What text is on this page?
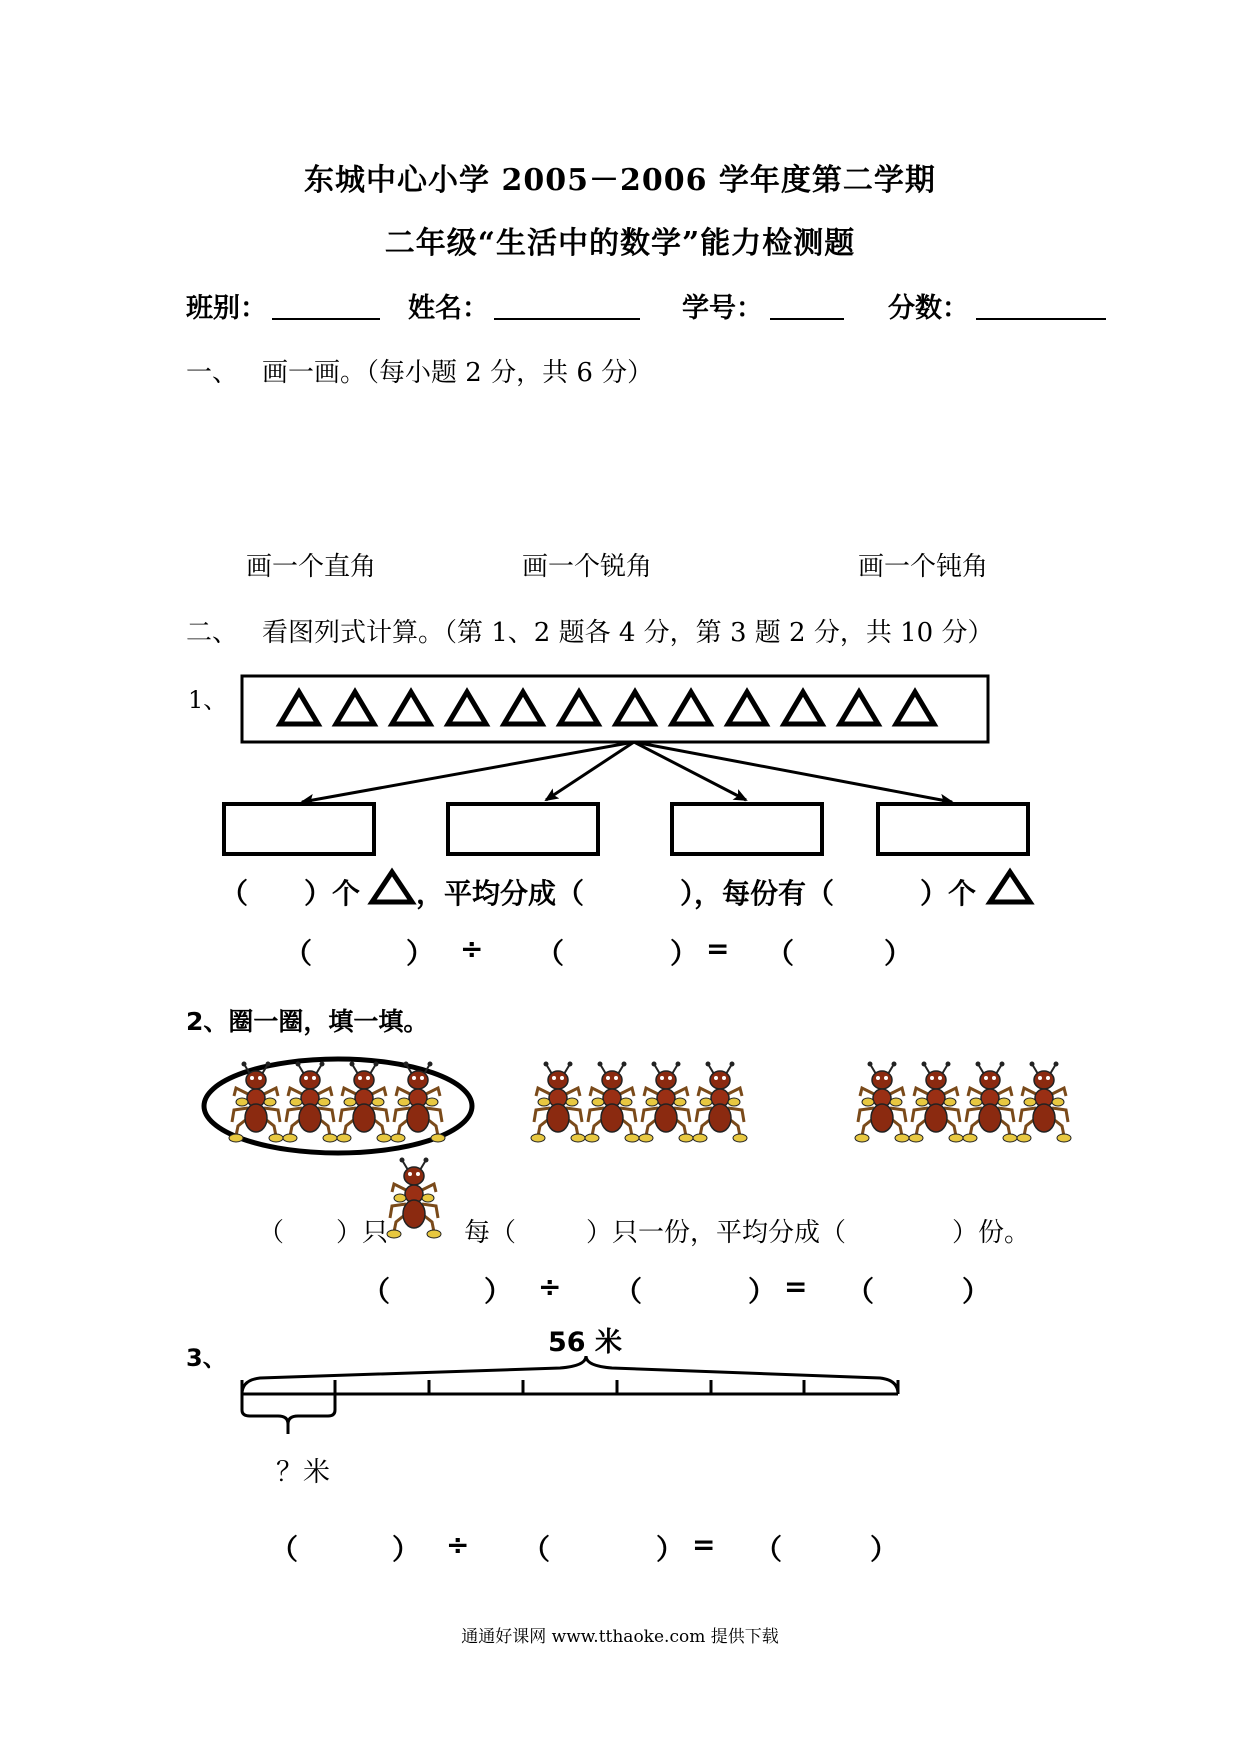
东城中心小学 2005－2006 学年度第二学期
二年级“生活中的数学”能力检测题
班别：	姓名：	学号：	分数：
一、 画一画。（每小题 2 分，共 6 分）
画一个直角	画一个锐角	画一个钝角
二、 看图列式计算。（第 1、2 题各 4 分，第 3 题 2 分，共 10 分）
1、
（ ）个 ，平均分成（	），每份有（	）个
（	） ÷ （	） = （	）
2、圈一圈，填一填。
（ ）只	每（	）只一份，平均分成（	）份。
（	） ÷ （	） = （	）
3、	56 米
？米
（	） ÷ （	） = （	）
通通好课网 www.tthaoke.com 提供下载
